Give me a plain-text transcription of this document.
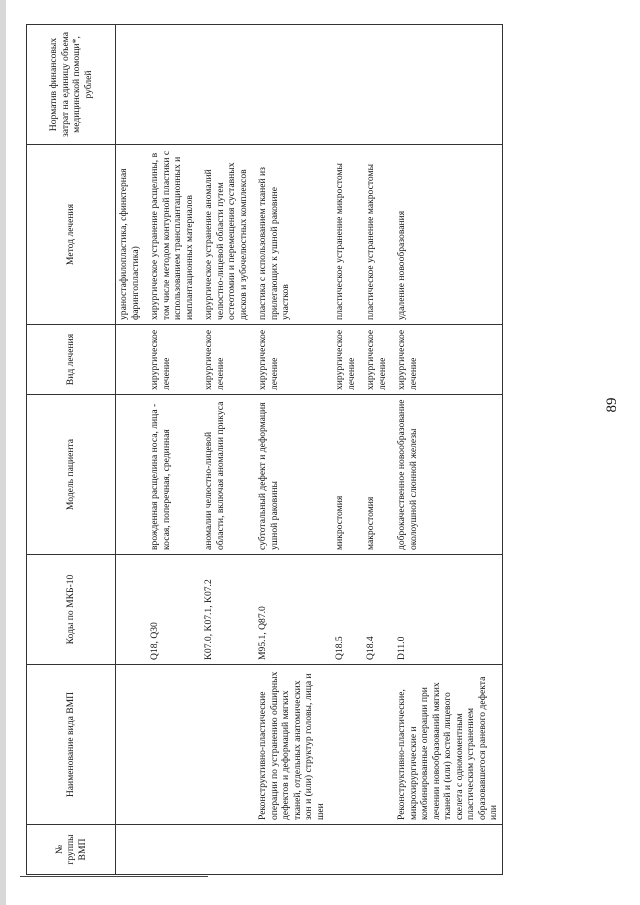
89
№ группы ВМП	Наименование вида ВМП	Коды по МКБ-10	Модель пациента	Вид лечения	Метод лечения	Норматив финансовых затрат на единицу объема медицинской помощи*, рублей
					ураностафилопластика, сфинктерная фарингопластика)	
		Q18, Q30	врожденная расщелина носа, лица - косая, поперечная, срединная	хирургическое лечение	хирургическое устранение расщелины, в том числе методом контурной пластики с использованием трансплантационных и имплантационных материалов	
		K07.0, K07.1, K07.2	аномалии челюстно-лицевой области, включая аномалии прикуса	хирургическое лечение	хирургическое устранение аномалий челюстно-лицевой области путем остеотомии и перемещения суставных дисков и зубочелюстных комплексов	
	Реконструктивно-пластические операции по устранению обширных дефектов и деформаций мягких тканей, отдельных анатомических зон и (или) структур головы, лица и шеи	M95.1, Q87.0	субтотальный дефект и деформация ушной раковины	хирургическое лечение	пластика с использованием тканей из прилегающих к ушной раковине участков	
		Q18.5	микростомия	хирургическое лечение	пластическое устранение микростомы	
		Q18.4	макростомия	хирургическое лечение	пластическое устранение макростомы	
	Реконструктивно-пластические, микрохирургические и комбинированные операции при лечении новообразований мягких тканей и (или) костей лицевого скелета с одномоментным пластическим устранением образовавшегося раневого дефекта или	D11.0	доброкачественное новообразование околоушной слюнной железы	хирургическое лечение	удаление новообразования	
